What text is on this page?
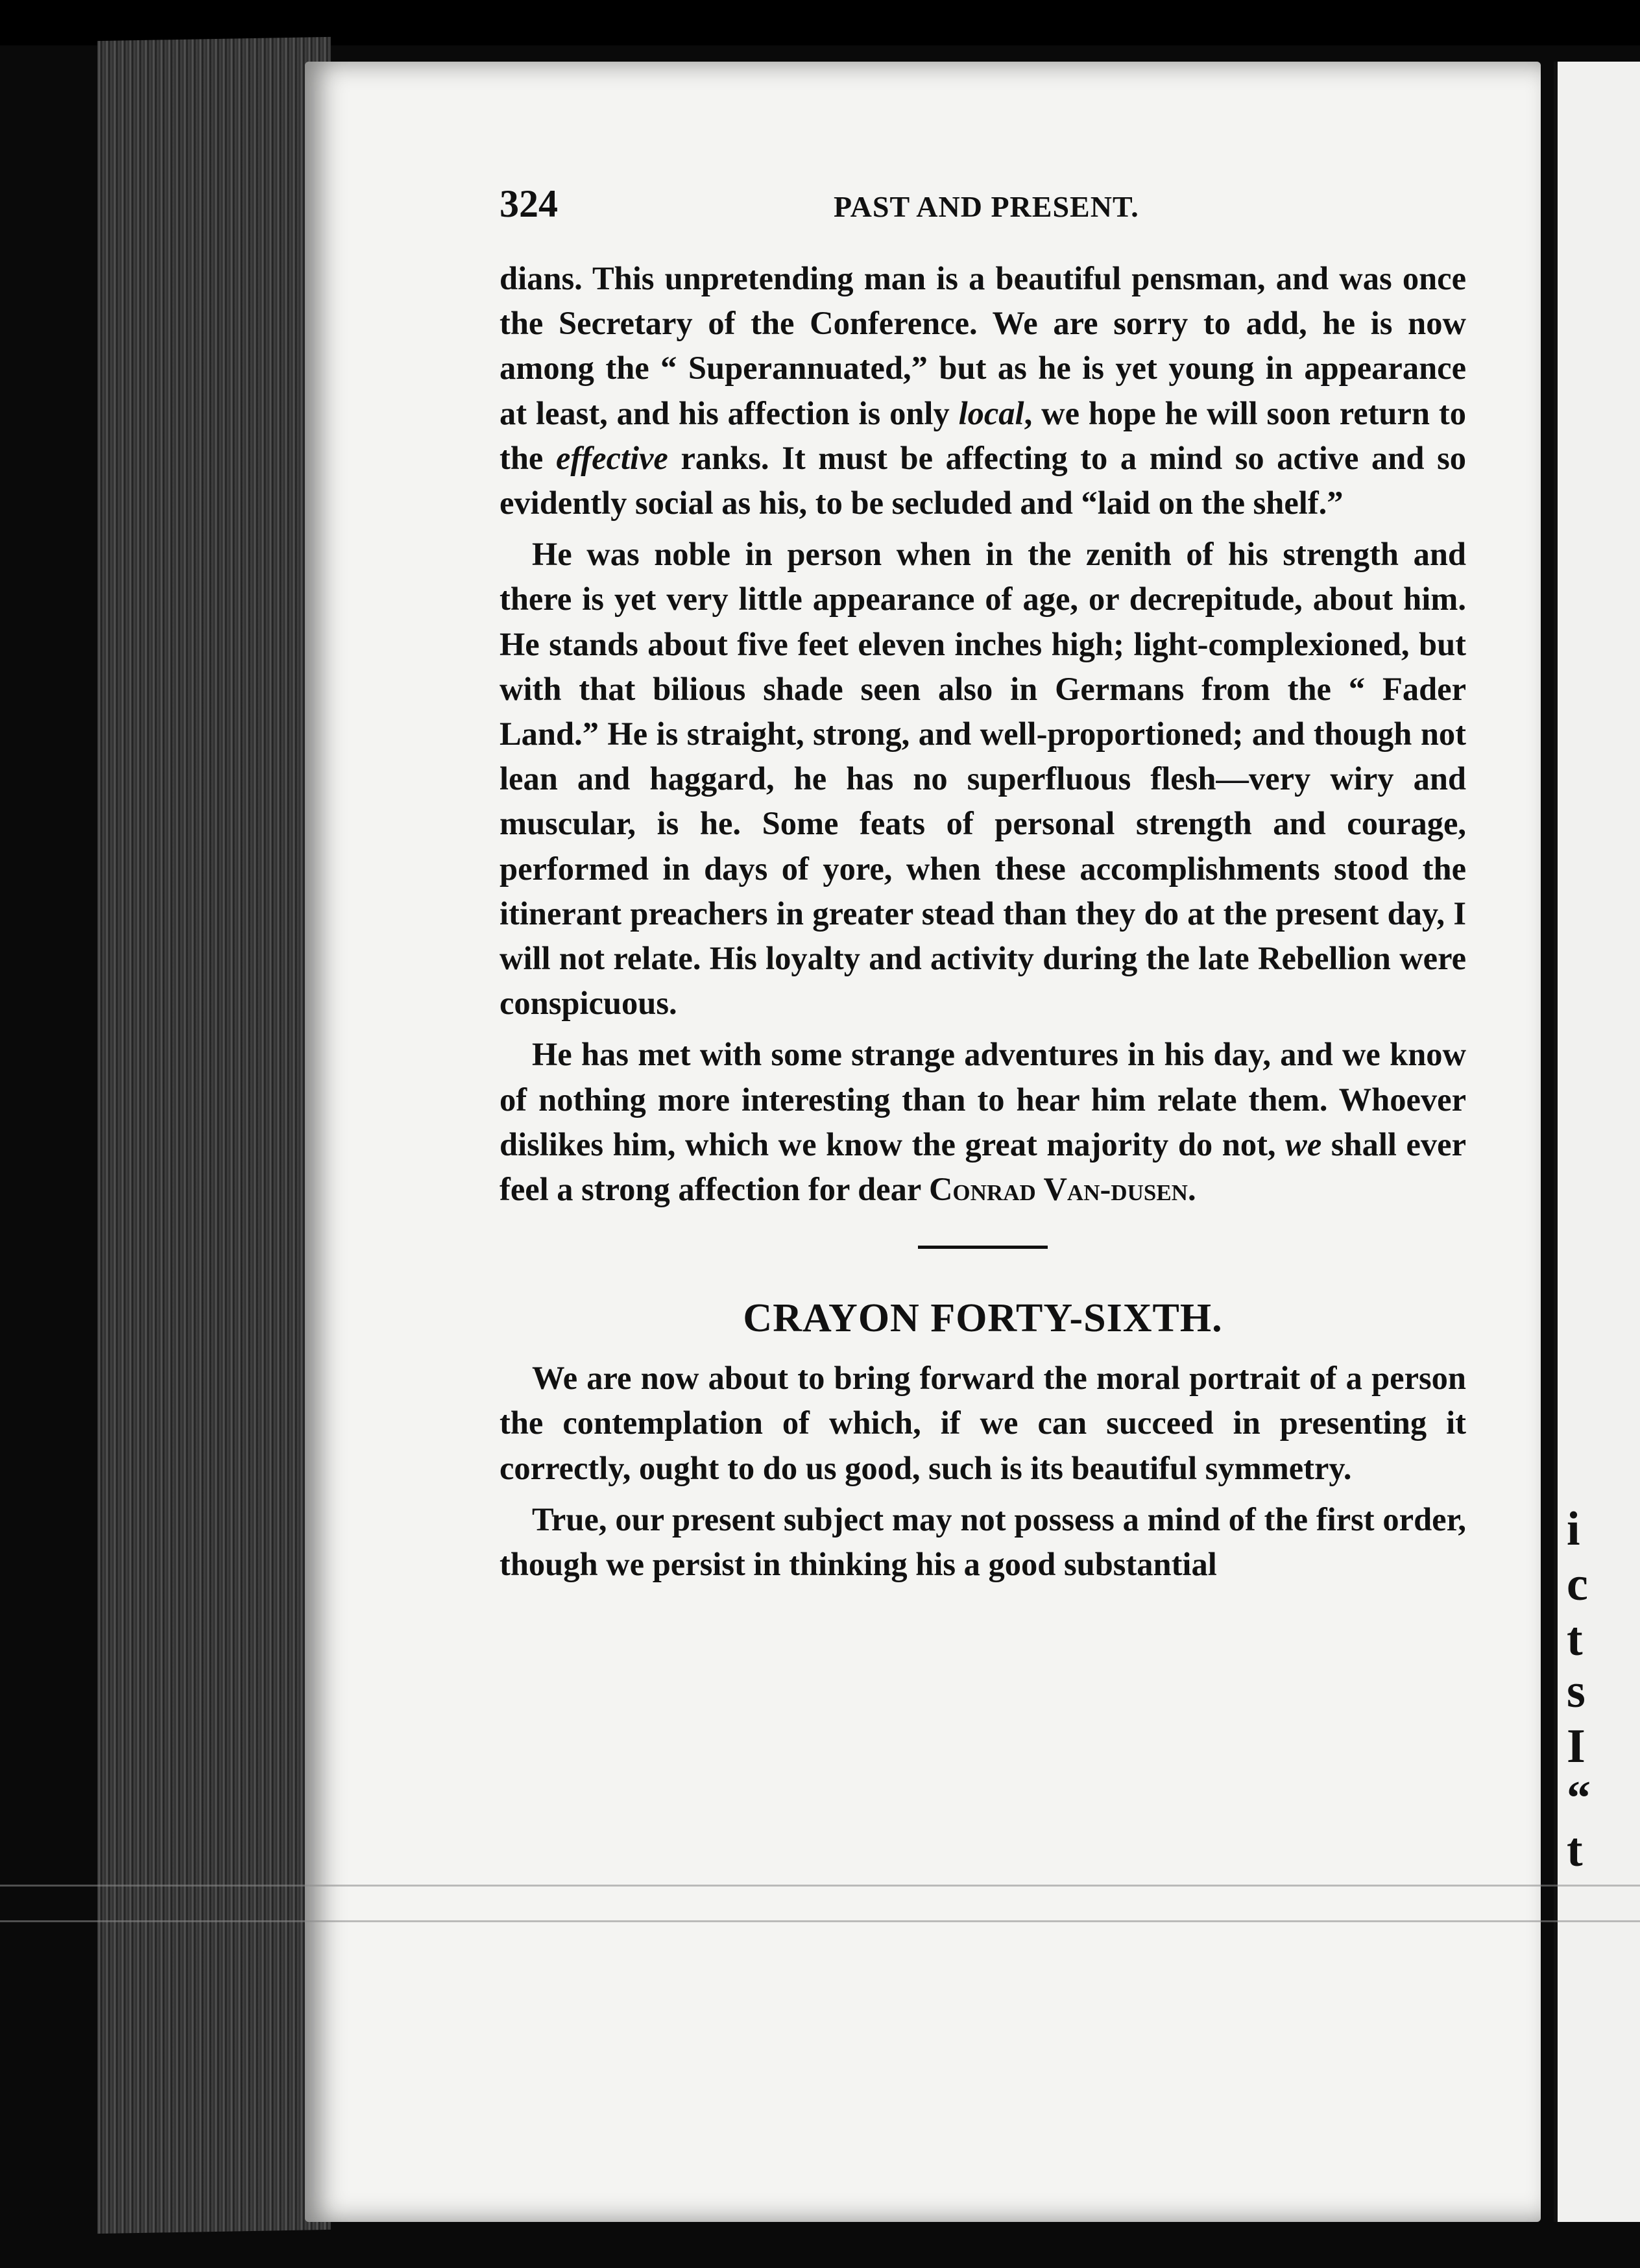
i
c
t
s
I
“
t
324	PAST AND PRESENT.

dians. This unpretending man is a beautiful pensman, and was once the Secretary of the Conference. We are sorry to add, he is now among the “ Superannuated,” but as he is yet young in appearance at least, and his affection is only local, we hope he will soon return to the effective ranks. It must be affecting to a mind so active and so evidently social as his, to be secluded and “laid on the shelf.”

He was noble in person when in the zenith of his strength and there is yet very little appearance of age, or decrepitude, about him. He stands about five feet eleven inches high; light-complexioned, but with that bilious shade seen also in Germans from the “ Fader Land.” He is straight, strong, and well-proportioned; and though not lean and haggard, he has no superfluous flesh—very wiry and muscular, is he. Some feats of personal strength and courage, performed in days of yore, when these accomplishments stood the itinerant preachers in greater stead than they do at the present day, I will not relate. His loyalty and activity during the late Rebellion were conspicuous.

He has met with some strange adventures in his day, and we know of nothing more interesting than to hear him relate them. Whoever dislikes him, which we know the great majority do not, we shall ever feel a strong affection for dear Conrad Van-dusen.

CRAYON FORTY-SIXTH.

We are now about to bring forward the moral portrait of a person the contemplation of which, if we can succeed in presenting it correctly, ought to do us good, such is its beautiful symmetry.

True, our present subject may not possess a mind of the first order, though we persist in thinking his a good substantial
